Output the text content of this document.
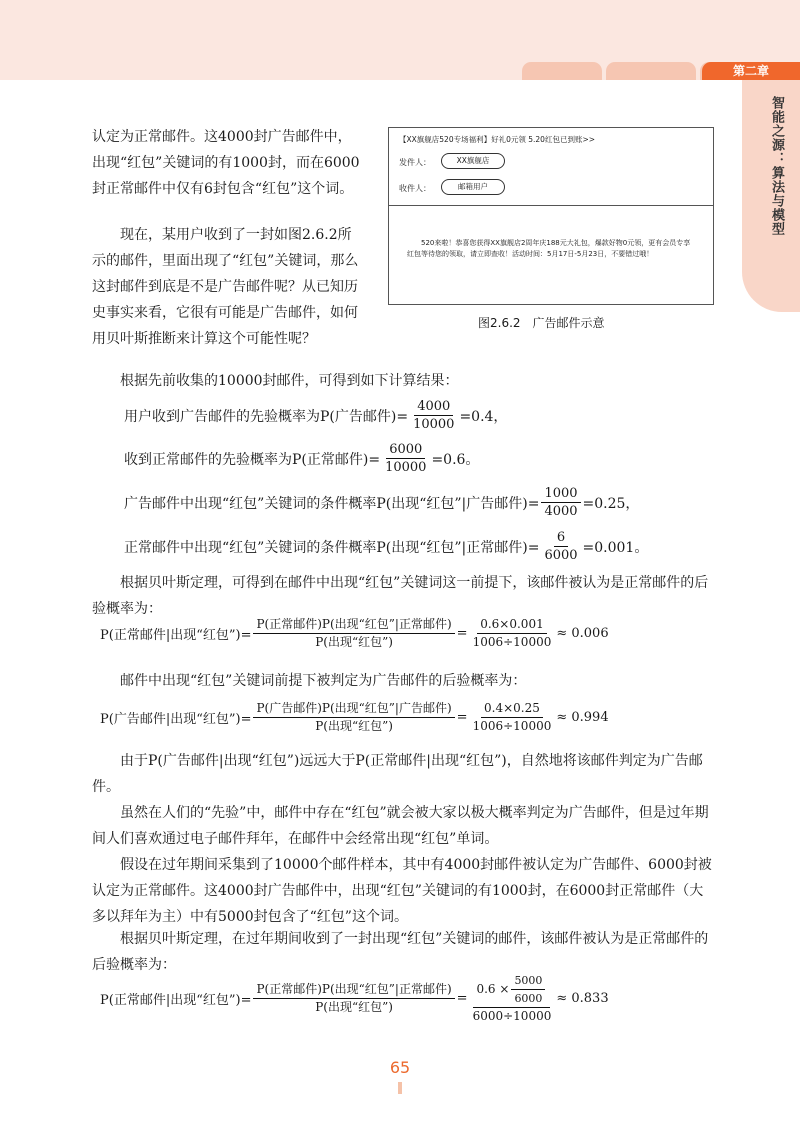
第二章
智能之源：算法与模型

认定为正常邮件。这4000封广告邮件中，出现“红包”关键词的有1000封，而在6000封正常邮件中仅有6封包含“红包”这个词。

现在，某用户收到了一封如图2.6.2所示的邮件，里面出现了“红包”关键词，那么这封邮件到底是不是广告邮件呢？从已知历史事实来看，它很有可能是广告邮件，如何用贝叶斯推断来计算这个可能性呢？

【XX旗舰店520专场福利】好礼0元领 5.20红包已到账>>
发件人：	XX旗舰店
收件人：	邮箱用户
520来啦！恭喜您获得XX旗舰店2周年庆188元大礼包，爆款好物0元领，更有会员专享红包等待您的领取，请立即查收！活动时间：5月17日-5月23日，不要错过哦！
图2.6.2　广告邮件示意

根据先前收集的10000封邮件，可得到如下计算结果：

用户收到广告邮件的先验概率为 P(广告邮件)= $\frac{4000}{10000} =0.4$，
收到正常邮件的先验概率为 P(正常邮件)= $\frac{6000}{10000} =0.6$。
广告邮件中出现“红包”关键词的条件概率 P(出现“红包”|广告邮件)= $\frac{1000}{4000} =0.25$，
正常邮件中出现“红包”关键词的条件概率 P(出现“红包”|正常邮件)= $\frac{6}{6000} =0.001$。

根据贝叶斯定理，可得到在邮件中出现“红包”关键词这一前提下，该邮件被认为是正常邮件的后验概率为：

P(正常邮件|出现“红包”)= $\frac{\text{P(正常邮件)P(出现“红包”|正常邮件)}}{\text{P(出现“红包”)}} = \frac{0.6\times 0.001}{1006\div 10000} \approx 0.006$

邮件中出现“红包”关键词前提下被判定为广告邮件的后验概率为：

P(广告邮件|出现“红包”)= $\frac{\text{P(广告邮件)P(出现“红包”|广告邮件)}}{\text{P(出现“红包”)}} = \frac{0.4\times 0.25}{1006\div 10000} \approx 0.994$

由于P(广告邮件|出现“红包”)远远大于P(正常邮件|出现“红包”)，自然地将该邮件判定为广告邮件。

虽然在人们的“先验”中，邮件中存在“红包”就会被大家以极大概率判定为广告邮件，但是过年期间人们喜欢通过电子邮件拜年，在邮件中会经常出现“红包”单词。

假设在过年期间采集到了10000个邮件样本，其中有4000封邮件被认定为广告邮件、6000封被认定为正常邮件。这4000封广告邮件中，出现“红包”关键词的有1000封，在6000封正常邮件（大多以拜年为主）中有5000封包含了“红包”这个词。

根据贝叶斯定理，在过年期间收到了一封出现“红包”关键词的邮件，该邮件被认为是正常邮件的后验概率为：

P(正常邮件|出现“红包”)= $\frac{\text{P(正常邮件)P(出现“红包”|正常邮件)}}{\text{P(出现“红包”)}} = \frac{0.6 \times \frac{5000}{6000}}{6000\div 10000} \approx 0.833$
65
